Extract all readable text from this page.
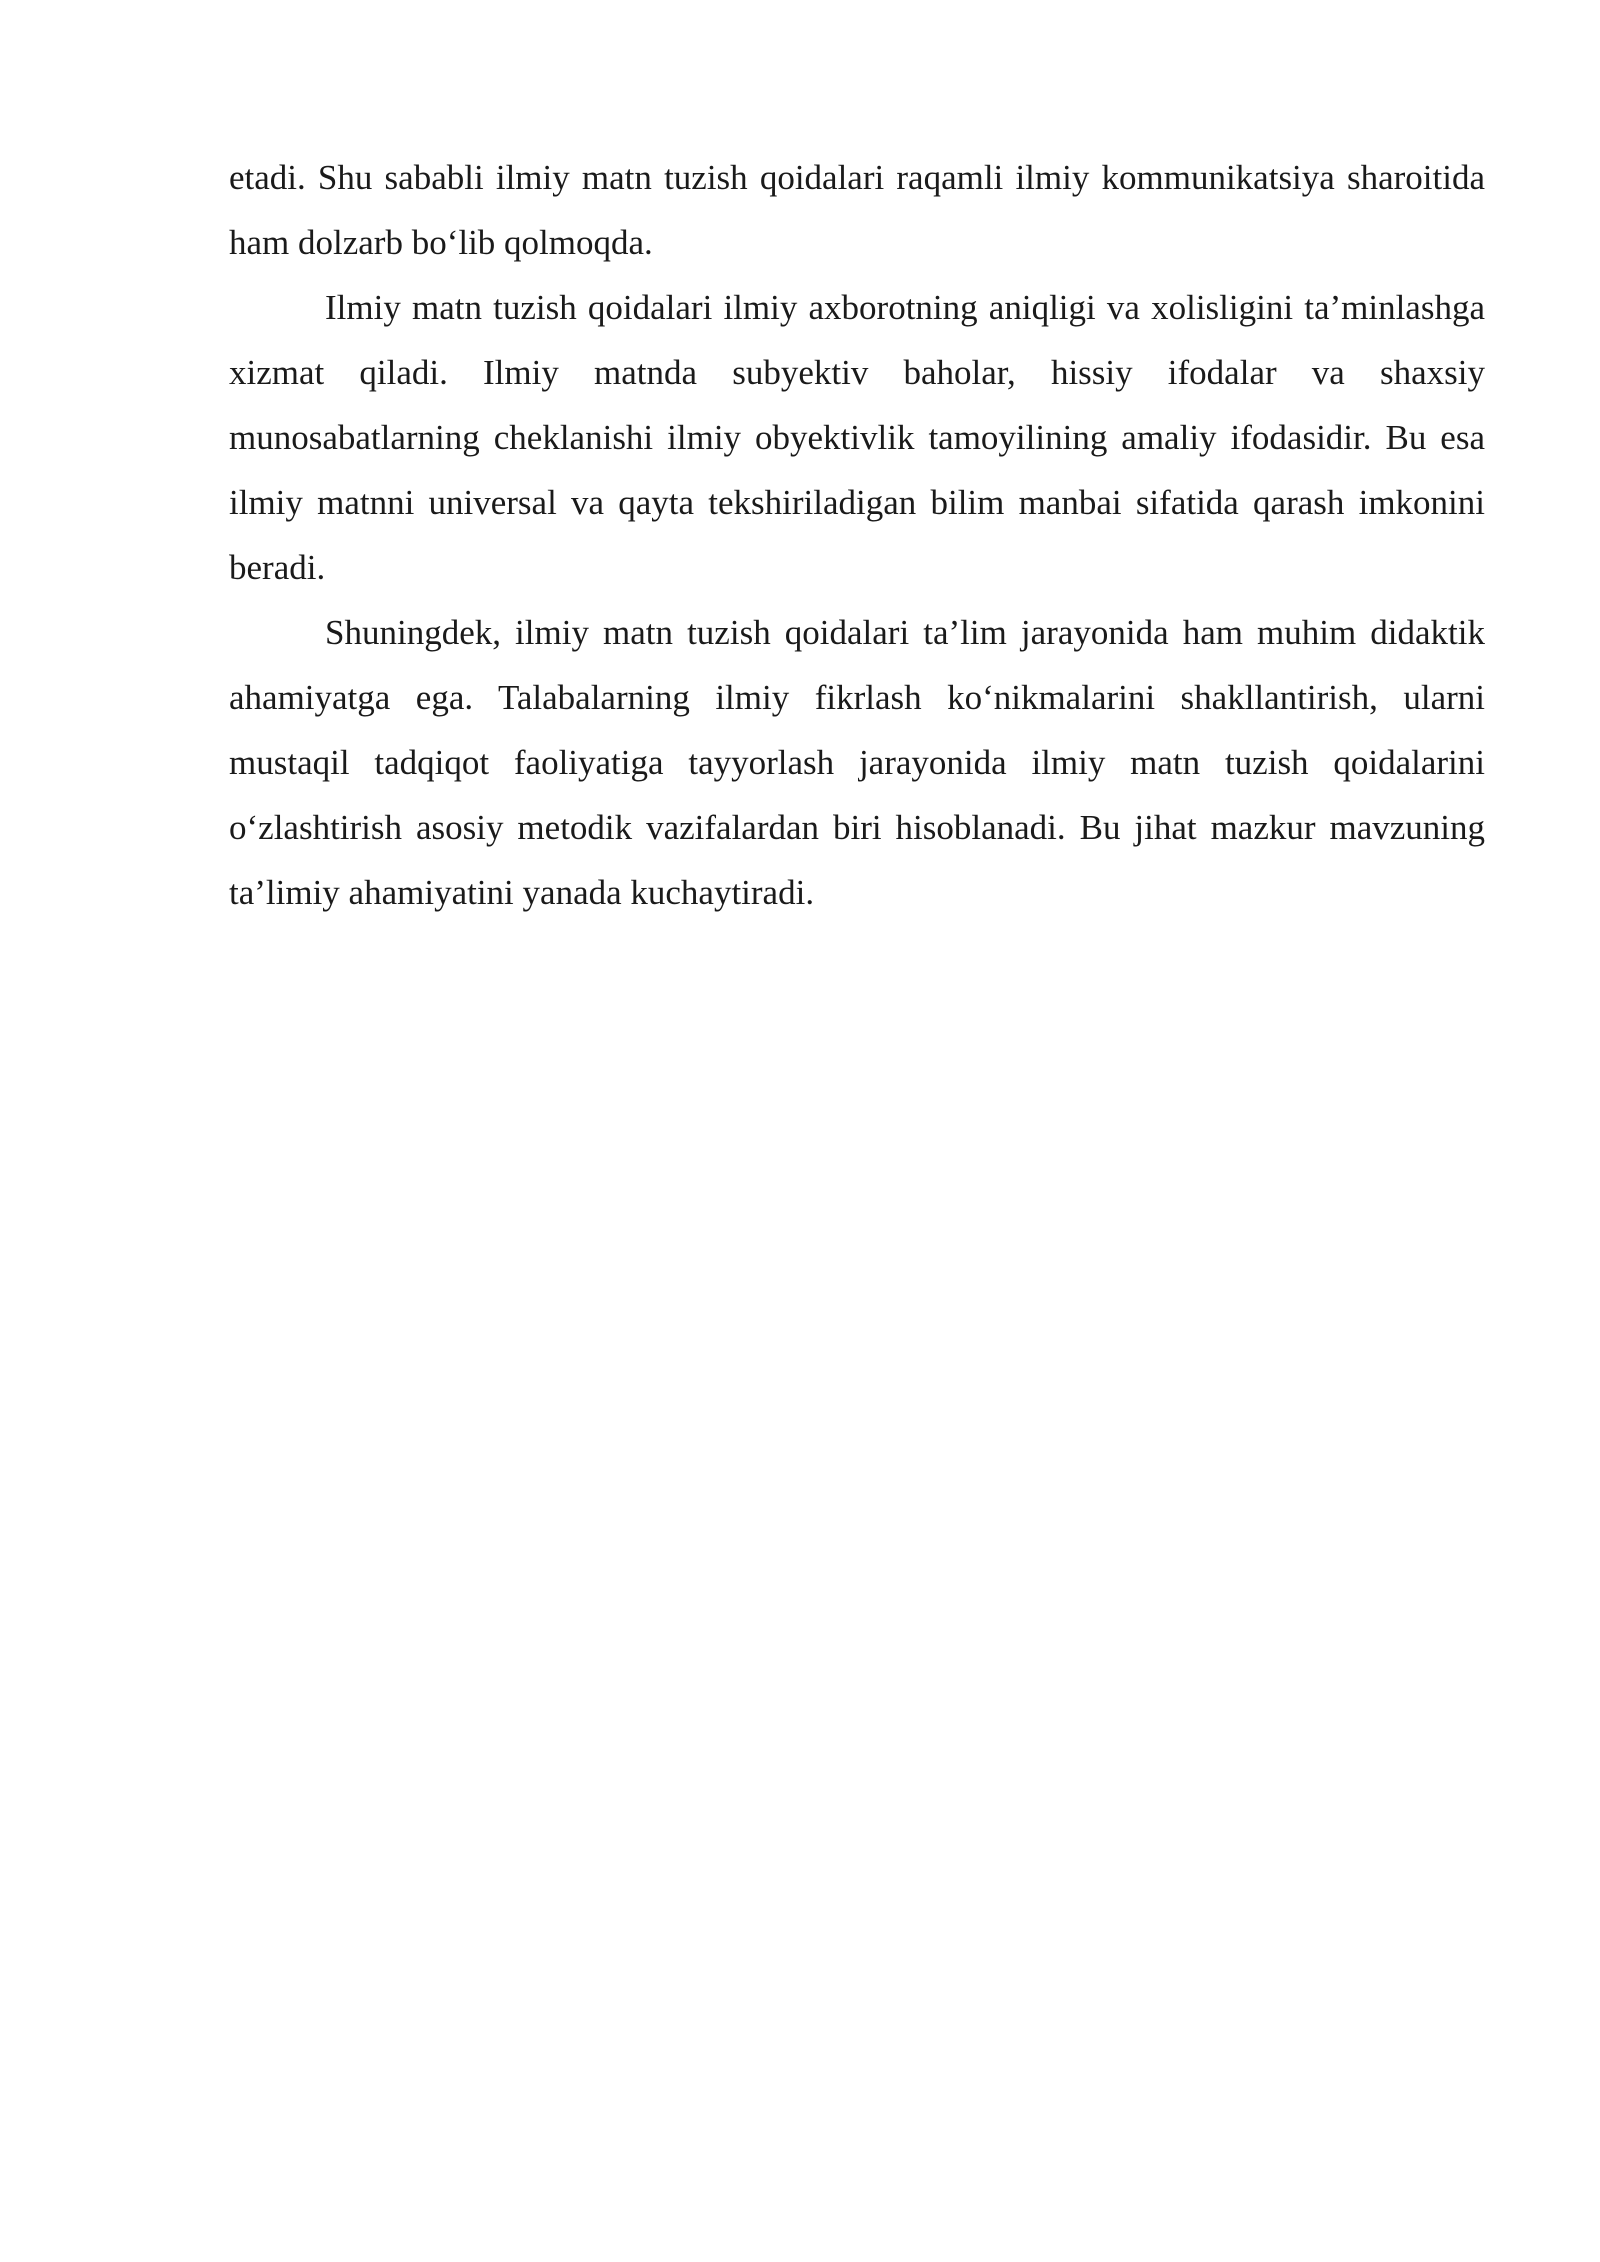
etadi. Shu sababli ilmiy matn tuzish qoidalari raqamli ilmiy kommunikatsiya sharoitida ham dolzarb bo‘lib qolmoqda.

Ilmiy matn tuzish qoidalari ilmiy axborotning aniqligi va xolisligini ta’minlashga xizmat qiladi. Ilmiy matnda subyektiv baholar, hissiy ifodalar va shaxsiy munosabatlarning cheklanishi ilmiy obyektivlik tamoyilining amaliy ifodasidir. Bu esa ilmiy matnni universal va qayta tekshiriladigan bilim manbai sifatida qarash imkonini beradi.

Shuningdek, ilmiy matn tuzish qoidalari ta’lim jarayonida ham muhim didaktik ahamiyatga ega. Talabalarning ilmiy fikrlash ko‘nikmalarini shakllantirish, ularni mustaqil tadqiqot faoliyatiga tayyorlash jarayonida ilmiy matn tuzish qoidalarini o‘zlashtirish asosiy metodik vazifalardan biri hisoblanadi. Bu jihat mazkur mavzuning ta’limiy ahamiyatini yanada kuchaytiradi.
